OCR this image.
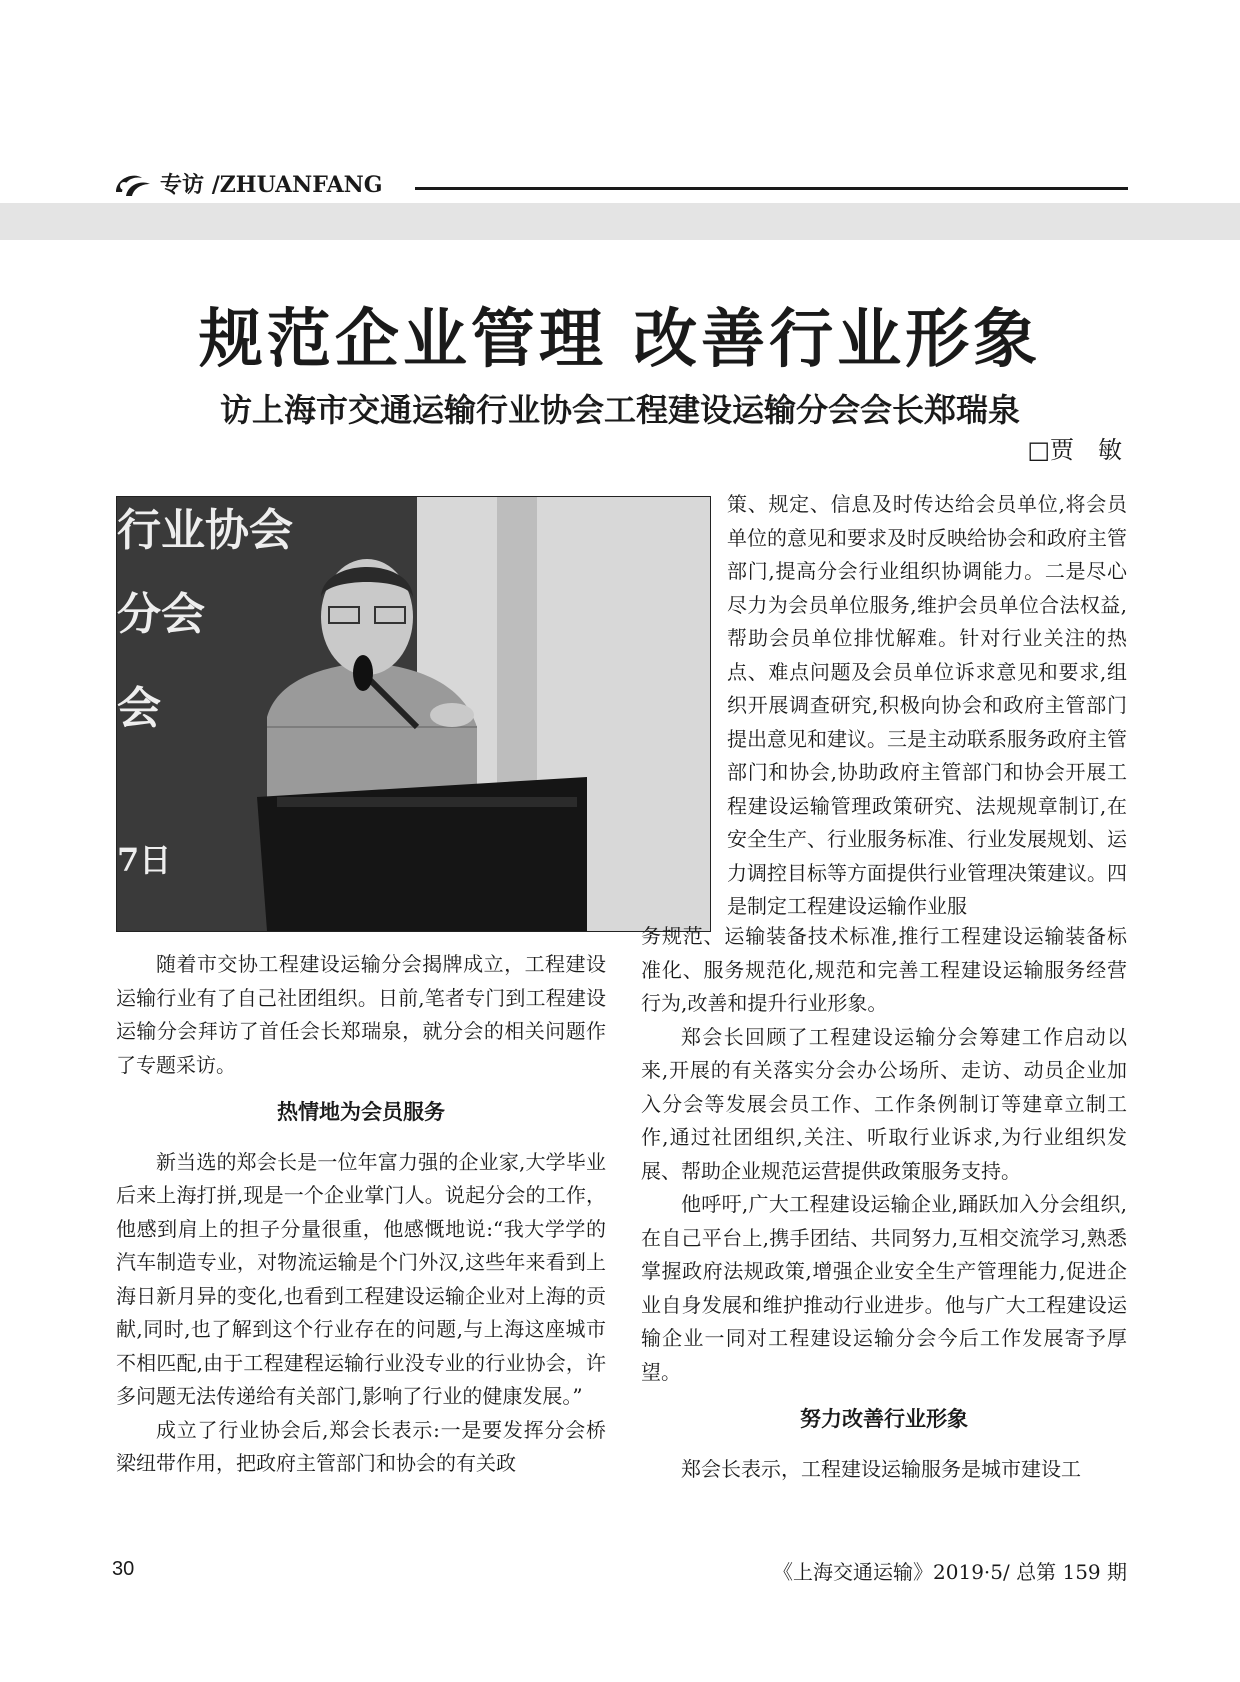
专访 /ZHUANFANG
规范企业管理 改善行业形象
访上海市交通运输行业协会工程建设运输分会会长郑瑞泉
□贾　敏
行业协会
分会
会
7日

策、规定、信息及时传达给会员单位,将会员单位的意见和要求及时反映给协会和政府主管部门,提高分会行业组织协调能力。二是尽心尽力为会员单位服务,维护会员单位合法权益,帮助会员单位排忧解难。针对行业关注的热点、难点问题及会员单位诉求意见和要求,组织开展调查研究,积极向协会和政府主管部门提出意见和建议。三是主动联系服务政府主管部门和协会,协助政府主管部门和协会开展工程建设运输管理政策研究、法规规章制订,在安全生产、行业服务标准、行业发展规划、运力调控目标等方面提供行业管理决策建议。四是制定工程建设运输作业服

随着市交协工程建设运输分会揭牌成立，工程建设运输行业有了自己社团组织。日前,笔者专门到工程建设运输分会拜访了首任会长郑瑞泉，就分会的相关问题作了专题采访。

热情地为会员服务

新当选的郑会长是一位年富力强的企业家,大学毕业后来上海打拼,现是一个企业掌门人。说起分会的工作，他感到肩上的担子分量很重，他感慨地说:“我大学学的汽车制造专业，对物流运输是个门外汉,这些年来看到上海日新月异的变化,也看到工程建设运输企业对上海的贡献,同时,也了解到这个行业存在的问题,与上海这座城市不相匹配,由于工程建程运输行业没专业的行业协会，许多问题无法传递给有关部门,影响了行业的健康发展。”

成立了行业协会后,郑会长表示:一是要发挥分会桥梁纽带作用，把政府主管部门和协会的有关政

务规范、运输装备技术标准,推行工程建设运输装备标准化、服务规范化,规范和完善工程建设运输服务经营行为,改善和提升行业形象。

郑会长回顾了工程建设运输分会筹建工作启动以来,开展的有关落实分会办公场所、走访、动员企业加入分会等发展会员工作、工作条例制订等建章立制工作,通过社团组织,关注、听取行业诉求,为行业组织发展、帮助企业规范运营提供政策服务支持。

他呼吁,广大工程建设运输企业,踊跃加入分会组织,在自己平台上,携手团结、共同努力,互相交流学习,熟悉掌握政府法规政策,增强企业安全生产管理能力,促进企业自身发展和维护推动行业进步。他与广大工程建设运输企业一同对工程建设运输分会今后工作发展寄予厚望。

努力改善行业形象

郑会长表示，工程建设运输服务是城市建设工

30	《上海交通运输》2019·5/ 总第 159 期
